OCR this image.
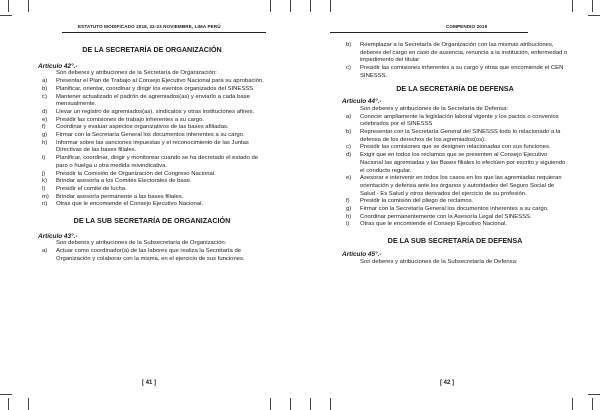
ESTATUTO MODIFICADO 2018, 22-23 NOVIEMBRE, LIMA PERÚ

DE LA SECRETARÍA DE ORGANIZACIÓN

Artículo 42°.-

Son deberes y atribuciones de la Secretaría de Organización:

a)	Presentar el Plan de Trabajo al Consejo Ejecutivo Nacional para su aprobación.
b)	Planificar, orientar, coordinar y dirigir los eventos organizados del SINESSS.
c)	Mantener actualizado el padrón de agremiados(as) y enviarlo a cada base mensualmente.
d)	Llevar un registro de agremiados(as), sindicatos y otras instituciones afines.
e)	Presidir las comisiones de trabajo inherentes a su cargo.
f)	Coordinar y evaluar aspectos organizativos de las bases afiliadas.
g)	Firmar con la Secretaría General los documentos inherentes a su cargo.
h)	Informar sobre las sanciones impuestas y el reconocimiento de las Juntas Directivas de las bases filiales.
i)	Planificar, coordinar, dirigir y monitorear cuando se ha decretado el estado de paro o huelga u otra medida reivindicativa.
j)	Presidir la Comisión de Organización del Congreso Nacional.
k)	Brindar asesoría a los Comités Electorales de base.
l)	Presidir el comité de lucha.
m)	Brindar asesoría permanente a las bases filiales.
n)	Otras que le encomiende el Consejo Ejecutivo Nacional.

DE LA SUB SECRETARÍA DE ORGANIZACIÓN

Artículo 43°.-

Son deberes y atribuciones de la Subsecretaría de Organización:

a)	Actuar como coordinador(a) de las labores que realiza la Secretaría de Organización y colaborar con la misma, en el ejercicio de sus funciones.
[ 41 ]
COMPENDIO 2019
b)	Reemplazar a la Secretaría de Organización con las mismas atribuciones, deberes del cargo en caso de ausencia, renuncia a la institución, enfermedad o impedimento del titular
c)	Presidir las comisiones inherentes a su cargo y otras que encomiende el CEN SINESSS.

DE LA SECRETARÍA DE DEFENSA

Artículo 44°.-

Son deberes y atribuciones de la Secretaría de Defensa:

a)	Conocer ampliamente la legislación laboral vigente y los pactos o convenios celebrados por el SINESSS
b)	Representar con la Secretaría General del SINESSS todo lo relacionado a la defensa de los derechos de los agremiados(os).
c)	Presidir las comisiones que se designen relacionadas con sus funciones.
d)	Exigir que en todos los reclamos que se presenten al Consejo Ejecutivo Nacional las agremiadas y las Bases filiales lo efectúen por escrito y siguiendo el conducto regular.
e)	Asesorar e intervenir en todos los casos en los que las agremiadas requieran orientación y defensa ante los órganos y autoridades del Seguro Social de Salud - Es Salud y otros derivados del ejercicio de su profesión.
f)	Presidir la comisión del pliego de reclamos.
g)	Firmar con la Secretaría General los documentos inherentes a su cargo.
h)	Coordinar permanentemente con la Asesoría Legal del SINESSS.
i)	Otras que le encomiende el Consejo Ejecutivo Nacional.

DE LA SUB SECRETARÍA DE DEFENSA

Artículo 45°.-

Son deberes y atribuciones de la Subsecretaría de Defensa:

[ 42 ]
